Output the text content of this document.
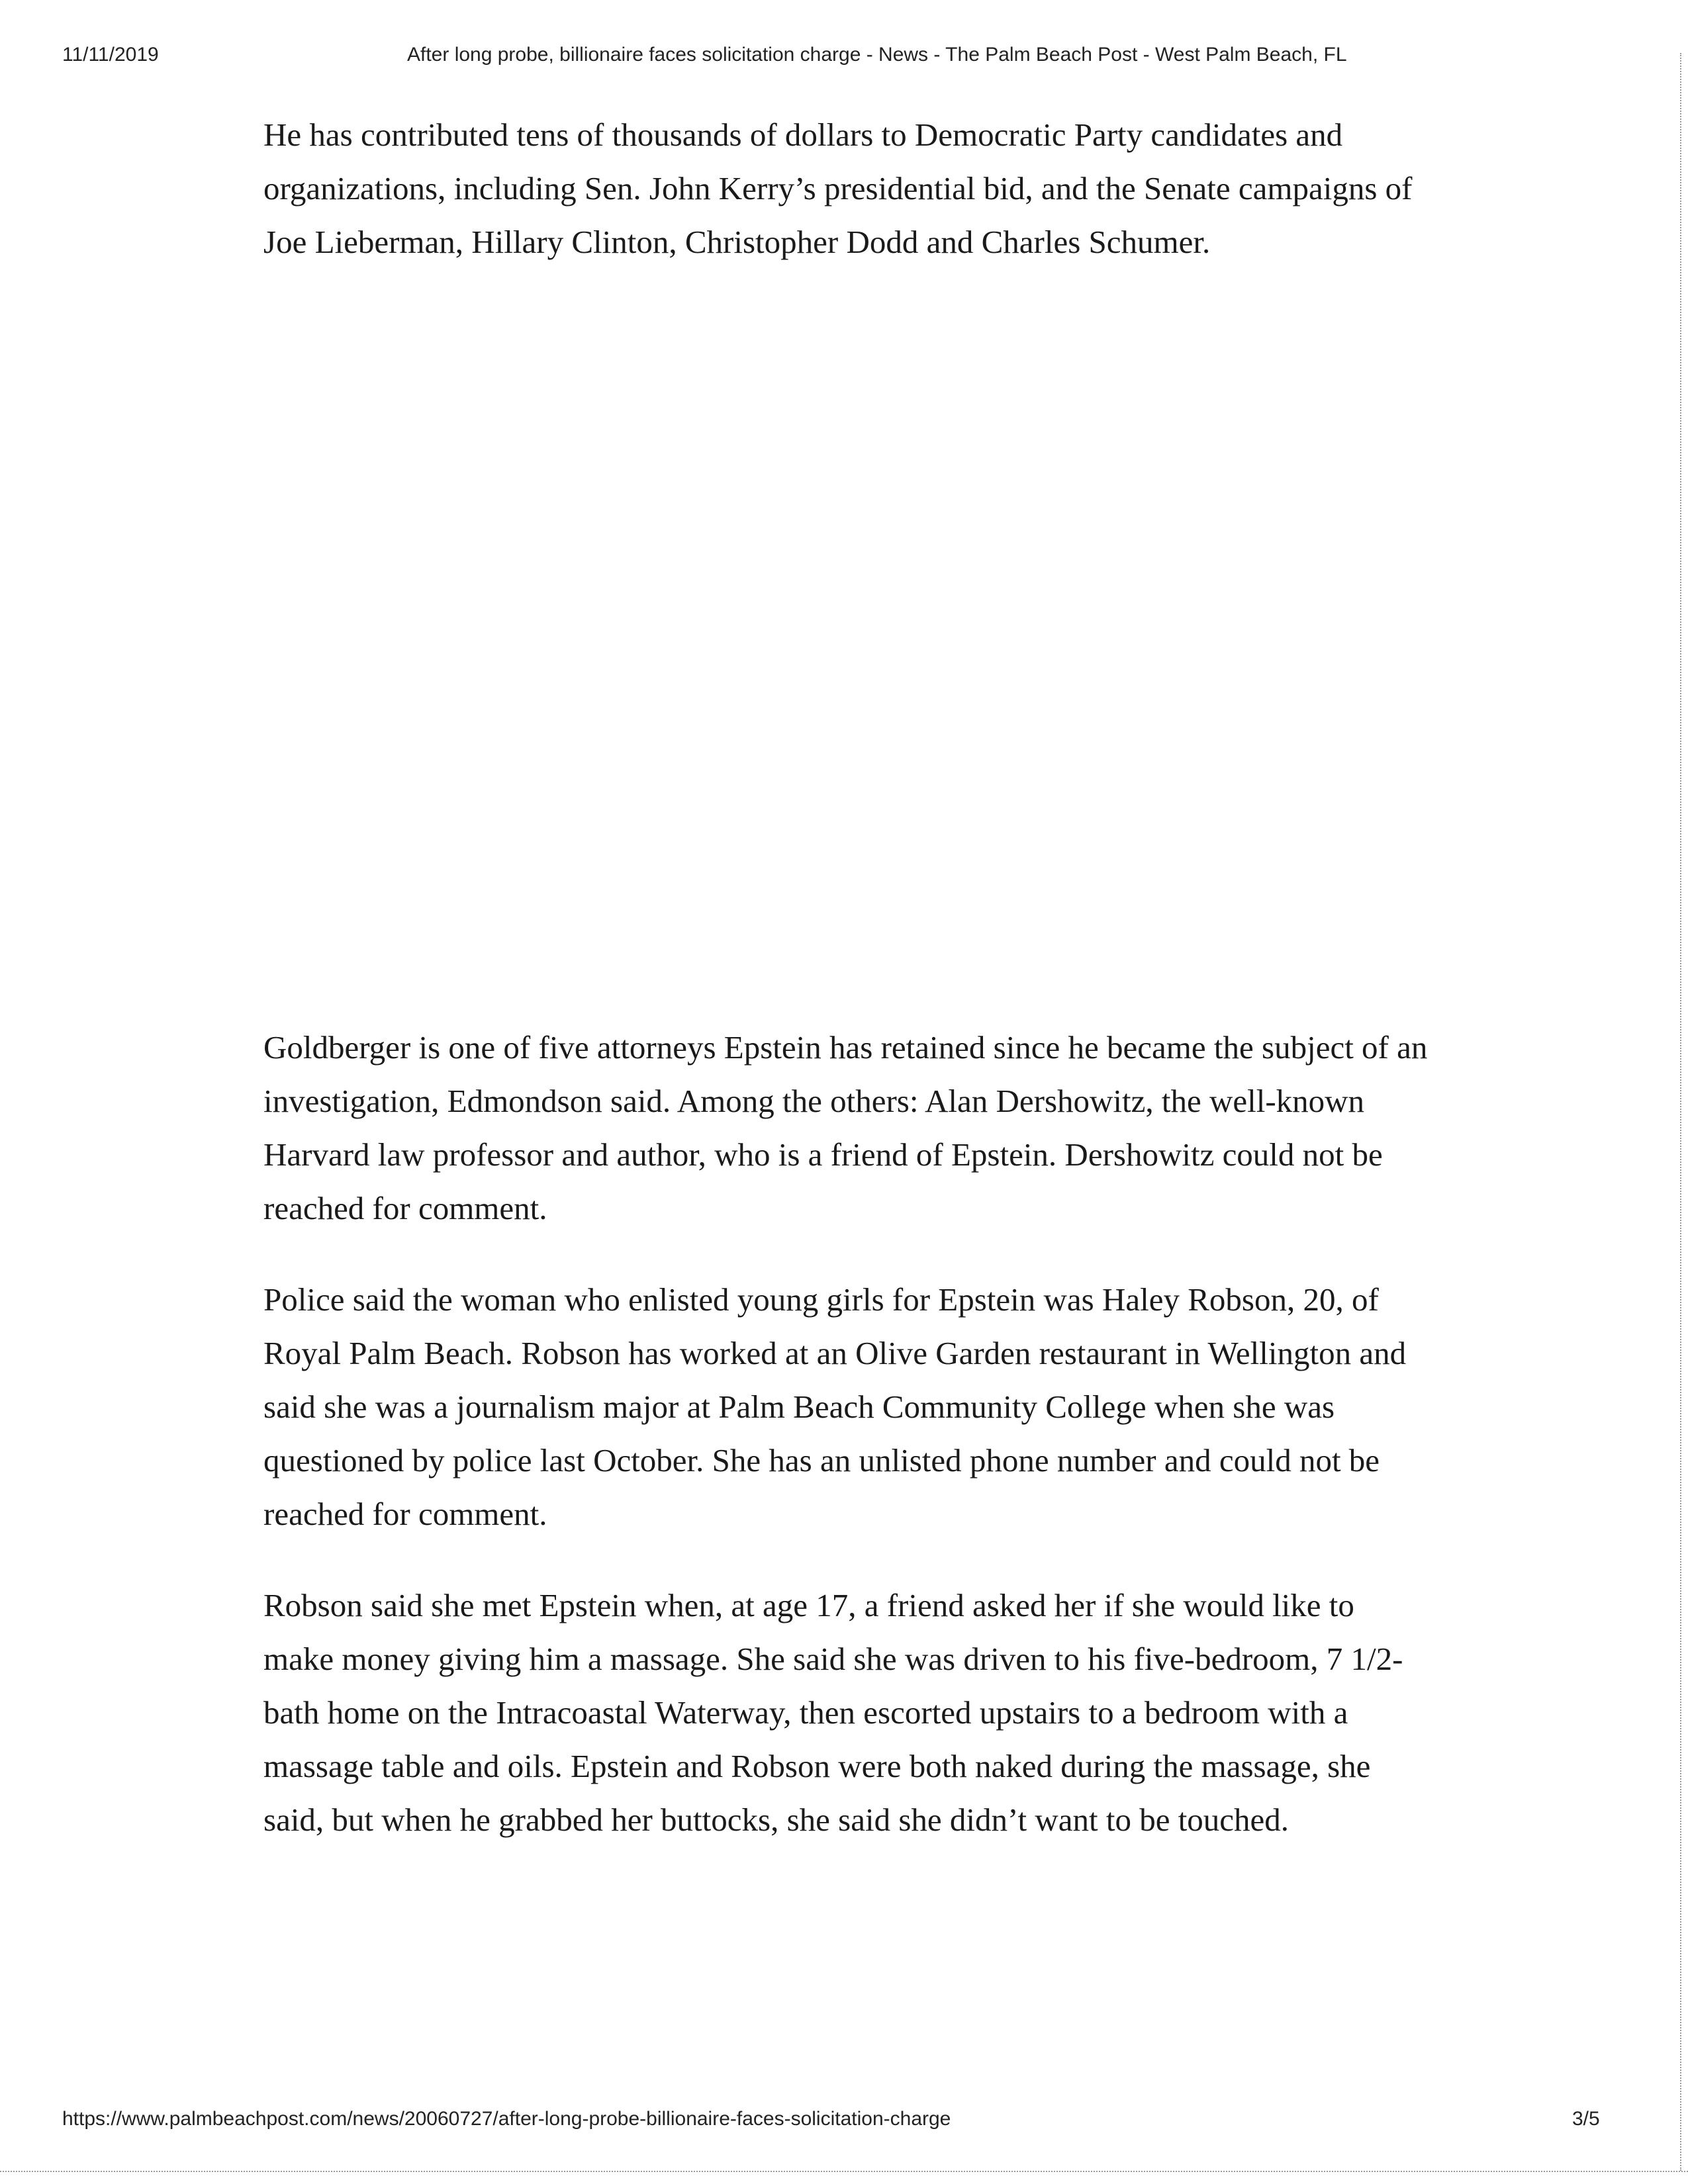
11/11/2019	After long probe, billionaire faces solicitation charge - News - The Palm Beach Post - West Palm Beach, FL

He has contributed tens of thousands of dollars to Democratic Party candidates and organizations, including Sen. John Kerry’s presidential bid, and the Senate campaigns of Joe Lieberman, Hillary Clinton, Christopher Dodd and Charles Schumer.

Goldberger is one of five attorneys Epstein has retained since he became the subject of an investigation, Edmondson said. Among the others: Alan Dershowitz, the well-known Harvard law professor and author, who is a friend of Epstein. Dershowitz could not be reached for comment.

Police said the woman who enlisted young girls for Epstein was Haley Robson, 20, of Royal Palm Beach. Robson has worked at an Olive Garden restaurant in Wellington and said she was a journalism major at Palm Beach Community College when she was questioned by police last October. She has an unlisted phone number and could not be reached for comment.

Robson said she met Epstein when, at age 17, a friend asked her if she would like to make money giving him a massage. She said she was driven to his five-bedroom, 7 1/2-bath home on the Intracoastal Waterway, then escorted upstairs to a bedroom with a massage table and oils. Epstein and Robson were both naked during the massage, she said, but when he grabbed her buttocks, she said she didn’t want to be touched.

https://www.palmbeachpost.com/news/20060727/after-long-probe-billionaire-faces-solicitation-charge	3/5
